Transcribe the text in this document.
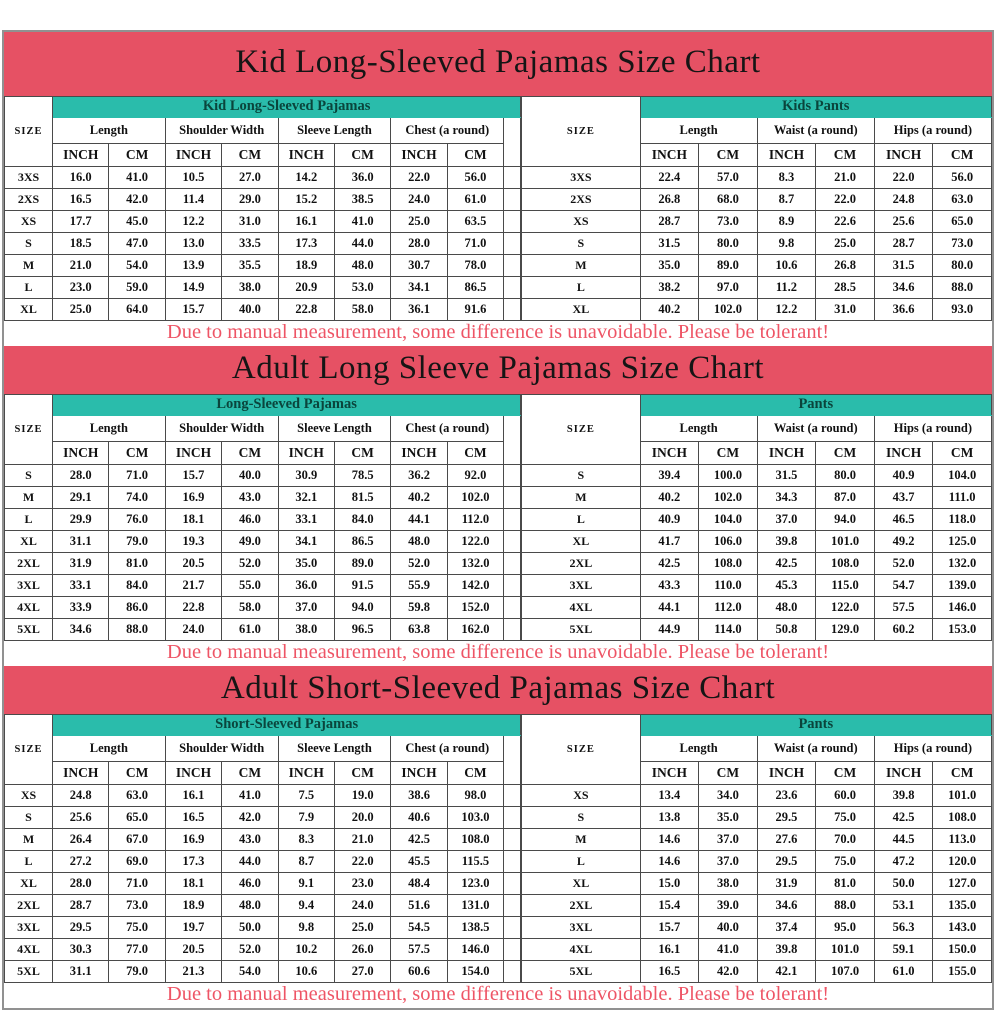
Kid Long-Sleeved Pajamas Size Chart
SIZE	Kid Long-Sleeved Pajamas								
	Length		Shoulder Width		Sleeve Length		Chest (a round)		
	INCH	CM	INCH	CM	INCH	CM	INCH	CM	
3XS	16.0	41.0	10.5	27.0	14.2	36.0	22.0	56.0	
2XS	16.5	42.0	11.4	29.0	15.2	38.5	24.0	61.0	
XS	17.7	45.0	12.2	31.0	16.1	41.0	25.0	63.5	
S	18.5	47.0	13.0	33.5	17.3	44.0	28.0	71.0	
M	21.0	54.0	13.9	35.5	18.9	48.0	30.7	78.0	
L	23.0	59.0	14.9	38.0	20.9	53.0	34.1	86.5	
XL	25.0	64.0	15.7	40.0	22.8	58.0	36.1	91.6	
SIZE	Kids Pants					
	Length		Waist (a round)		Hips (a round)	
	INCH	CM	INCH	CM	INCH	CM
3XS	22.4	57.0	8.3	21.0	22.0	56.0
2XS	26.8	68.0	8.7	22.0	24.8	63.0
XS	28.7	73.0	8.9	22.6	25.6	65.0
S	31.5	80.0	9.8	25.0	28.7	73.0
M	35.0	89.0	10.6	26.8	31.5	80.0
L	38.2	97.0	11.2	28.5	34.6	88.0
XL	40.2	102.0	12.2	31.0	36.6	93.0
Due to manual measurement, some difference is unavoidable. Please be tolerant!
Adult Long Sleeve Pajamas Size Chart
SIZE	Long-Sleeved Pajamas								
	Length		Shoulder Width		Sleeve Length		Chest (a round)		
	INCH	CM	INCH	CM	INCH	CM	INCH	CM	
S	28.0	71.0	15.7	40.0	30.9	78.5	36.2	92.0	
M	29.1	74.0	16.9	43.0	32.1	81.5	40.2	102.0	
L	29.9	76.0	18.1	46.0	33.1	84.0	44.1	112.0	
XL	31.1	79.0	19.3	49.0	34.1	86.5	48.0	122.0	
2XL	31.9	81.0	20.5	52.0	35.0	89.0	52.0	132.0	
3XL	33.1	84.0	21.7	55.0	36.0	91.5	55.9	142.0	
4XL	33.9	86.0	22.8	58.0	37.0	94.0	59.8	152.0	
5XL	34.6	88.0	24.0	61.0	38.0	96.5	63.8	162.0	
SIZE	Pants					
	Length		Waist (a round)		Hips (a round)	
	INCH	CM	INCH	CM	INCH	CM
S	39.4	100.0	31.5	80.0	40.9	104.0
M	40.2	102.0	34.3	87.0	43.7	111.0
L	40.9	104.0	37.0	94.0	46.5	118.0
XL	41.7	106.0	39.8	101.0	49.2	125.0
2XL	42.5	108.0	42.5	108.0	52.0	132.0
3XL	43.3	110.0	45.3	115.0	54.7	139.0
4XL	44.1	112.0	48.0	122.0	57.5	146.0
5XL	44.9	114.0	50.8	129.0	60.2	153.0
Due to manual measurement, some difference is unavoidable. Please be tolerant!
Adult Short-Sleeved Pajamas Size Chart
SIZE	Short-Sleeved Pajamas								
	Length		Shoulder Width		Sleeve Length		Chest (a round)		
	INCH	CM	INCH	CM	INCH	CM	INCH	CM	
XS	24.8	63.0	16.1	41.0	7.5	19.0	38.6	98.0	
S	25.6	65.0	16.5	42.0	7.9	20.0	40.6	103.0	
M	26.4	67.0	16.9	43.0	8.3	21.0	42.5	108.0	
L	27.2	69.0	17.3	44.0	8.7	22.0	45.5	115.5	
XL	28.0	71.0	18.1	46.0	9.1	23.0	48.4	123.0	
2XL	28.7	73.0	18.9	48.0	9.4	24.0	51.6	131.0	
3XL	29.5	75.0	19.7	50.0	9.8	25.0	54.5	138.5	
4XL	30.3	77.0	20.5	52.0	10.2	26.0	57.5	146.0	
5XL	31.1	79.0	21.3	54.0	10.6	27.0	60.6	154.0	
SIZE	Pants					
	Length		Waist (a round)		Hips (a round)	
	INCH	CM	INCH	CM	INCH	CM
XS	13.4	34.0	23.6	60.0	39.8	101.0
S	13.8	35.0	29.5	75.0	42.5	108.0
M	14.6	37.0	27.6	70.0	44.5	113.0
L	14.6	37.0	29.5	75.0	47.2	120.0
XL	15.0	38.0	31.9	81.0	50.0	127.0
2XL	15.4	39.0	34.6	88.0	53.1	135.0
3XL	15.7	40.0	37.4	95.0	56.3	143.0
4XL	16.1	41.0	39.8	101.0	59.1	150.0
5XL	16.5	42.0	42.1	107.0	61.0	155.0
Due to manual measurement, some difference is unavoidable. Please be tolerant!
